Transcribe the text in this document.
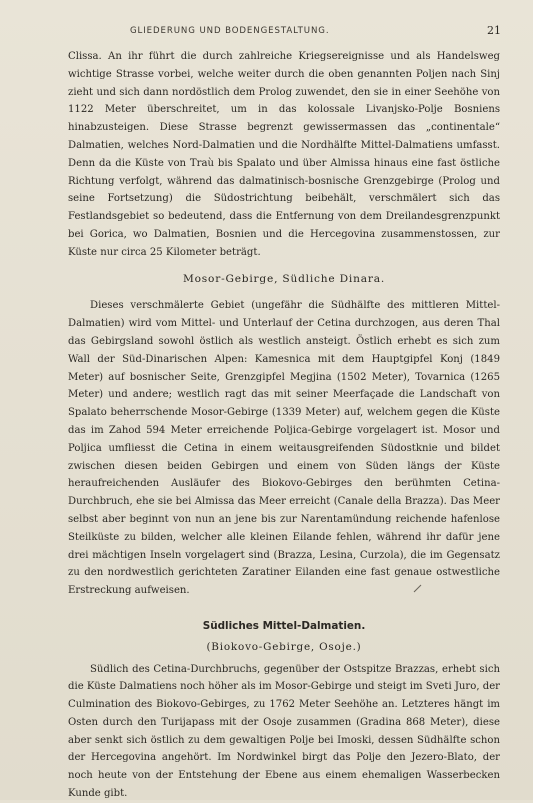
GLIEDERUNG UND BODENGESTALTUNG.	21

Clissa. An ihr führt die durch zahlreiche Kriegsereignisse und als Handelsweg wichtige Strasse vorbei, welche weiter durch die oben genannten Poljen nach Sinj zieht und sich dann nordöstlich dem Prolog zuwendet, den sie in einer Seehöhe von 1122 Meter überschreitet, um in das kolossale Livanjsko-Polje Bosniens hinabzusteigen. Diese Strasse begrenzt gewissermassen das „continentale“ Dalmatien, welches Nord-Dalmatien und die Nordhälfte Mittel-Dalmatiens umfasst. Denn da die Küste von Traù bis Spalato und über Almissa hinaus eine fast östliche Richtung verfolgt, während das dalmatinisch-bosnische Grenzgebirge (Prolog und seine Fortsetzung) die Südostrichtung beibehält, verschmälert sich das Festlandsgebiet so bedeutend, dass die Entfernung von dem Dreilandesgrenzpunkt bei Gorica, wo Dalmatien, Bosnien und die Hercegovina zusammenstossen, zur Küste nur circa 25 Kilometer beträgt.

Mosor-Gebirge, Südliche Dinara.

Dieses verschmälerte Gebiet (ungefähr die Südhälfte des mittleren Mittel-Dalmatien) wird vom Mittel- und Unterlauf der Cetina durchzogen, aus deren Thal das Gebirgsland sowohl östlich als westlich ansteigt. Östlich erhebt es sich zum Wall der Süd-Dinarischen Alpen: Kamesnica mit dem Hauptgipfel Konj (1849 Meter) auf bosnischer Seite, Grenzgipfel Megjina (1502 Meter), Tovarnica (1265 Meter) und andere; westlich ragt das mit seiner Meerfaçade die Landschaft von Spalato beherrschende Mosor-Gebirge (1339 Meter) auf, welchem gegen die Küste das im Zahod 594 Meter erreichende Poljica-Gebirge vorgelagert ist. Mosor und Poljica umfliesst die Cetina in einem weitausgreifenden Südostknie und bildet zwischen diesen beiden Gebirgen und einem von Süden längs der Küste heraufreichenden Ausläufer des Biokovo-Gebirges den berühmten Cetina-Durchbruch, ehe sie bei Almissa das Meer erreicht (Canale della Brazza). Das Meer selbst aber beginnt von nun an jene bis zur Narentamündung reichende hafenlose Steilküste zu bilden, welcher alle kleinen Eilande fehlen, während ihr dafür jene drei mächtigen Inseln vorgelagert sind (Brazza, Lesina, Curzola), die im Gegensatz zu den nordwestlich gerichteten Zaratiner Eilanden eine fast genaue ostwestliche Erstreckung aufweisen.

Südliches Mittel-Dalmatien.
(Biokovo-Gebirge, Osoje.)

Südlich des Cetina-Durchbruchs, gegenüber der Ostspitze Brazzas, erhebt sich die Küste Dalmatiens noch höher als im Mosor-Gebirge und steigt im Sveti Juro, der Culmination des Biokovo-Gebirges, zu 1762 Meter Seehöhe an. Letzteres hängt im Osten durch den Turijapass mit der Osoje zusammen (Gradina 868 Meter), diese aber senkt sich östlich zu dem gewaltigen Polje bei Imoski, dessen Südhälfte schon der Hercegovina angehört. Im Nordwinkel birgt das Polje den Jezero-Blato, der noch heute von der Entstehung der Ebene aus einem ehemaligen Wasserbecken Kunde gibt.
